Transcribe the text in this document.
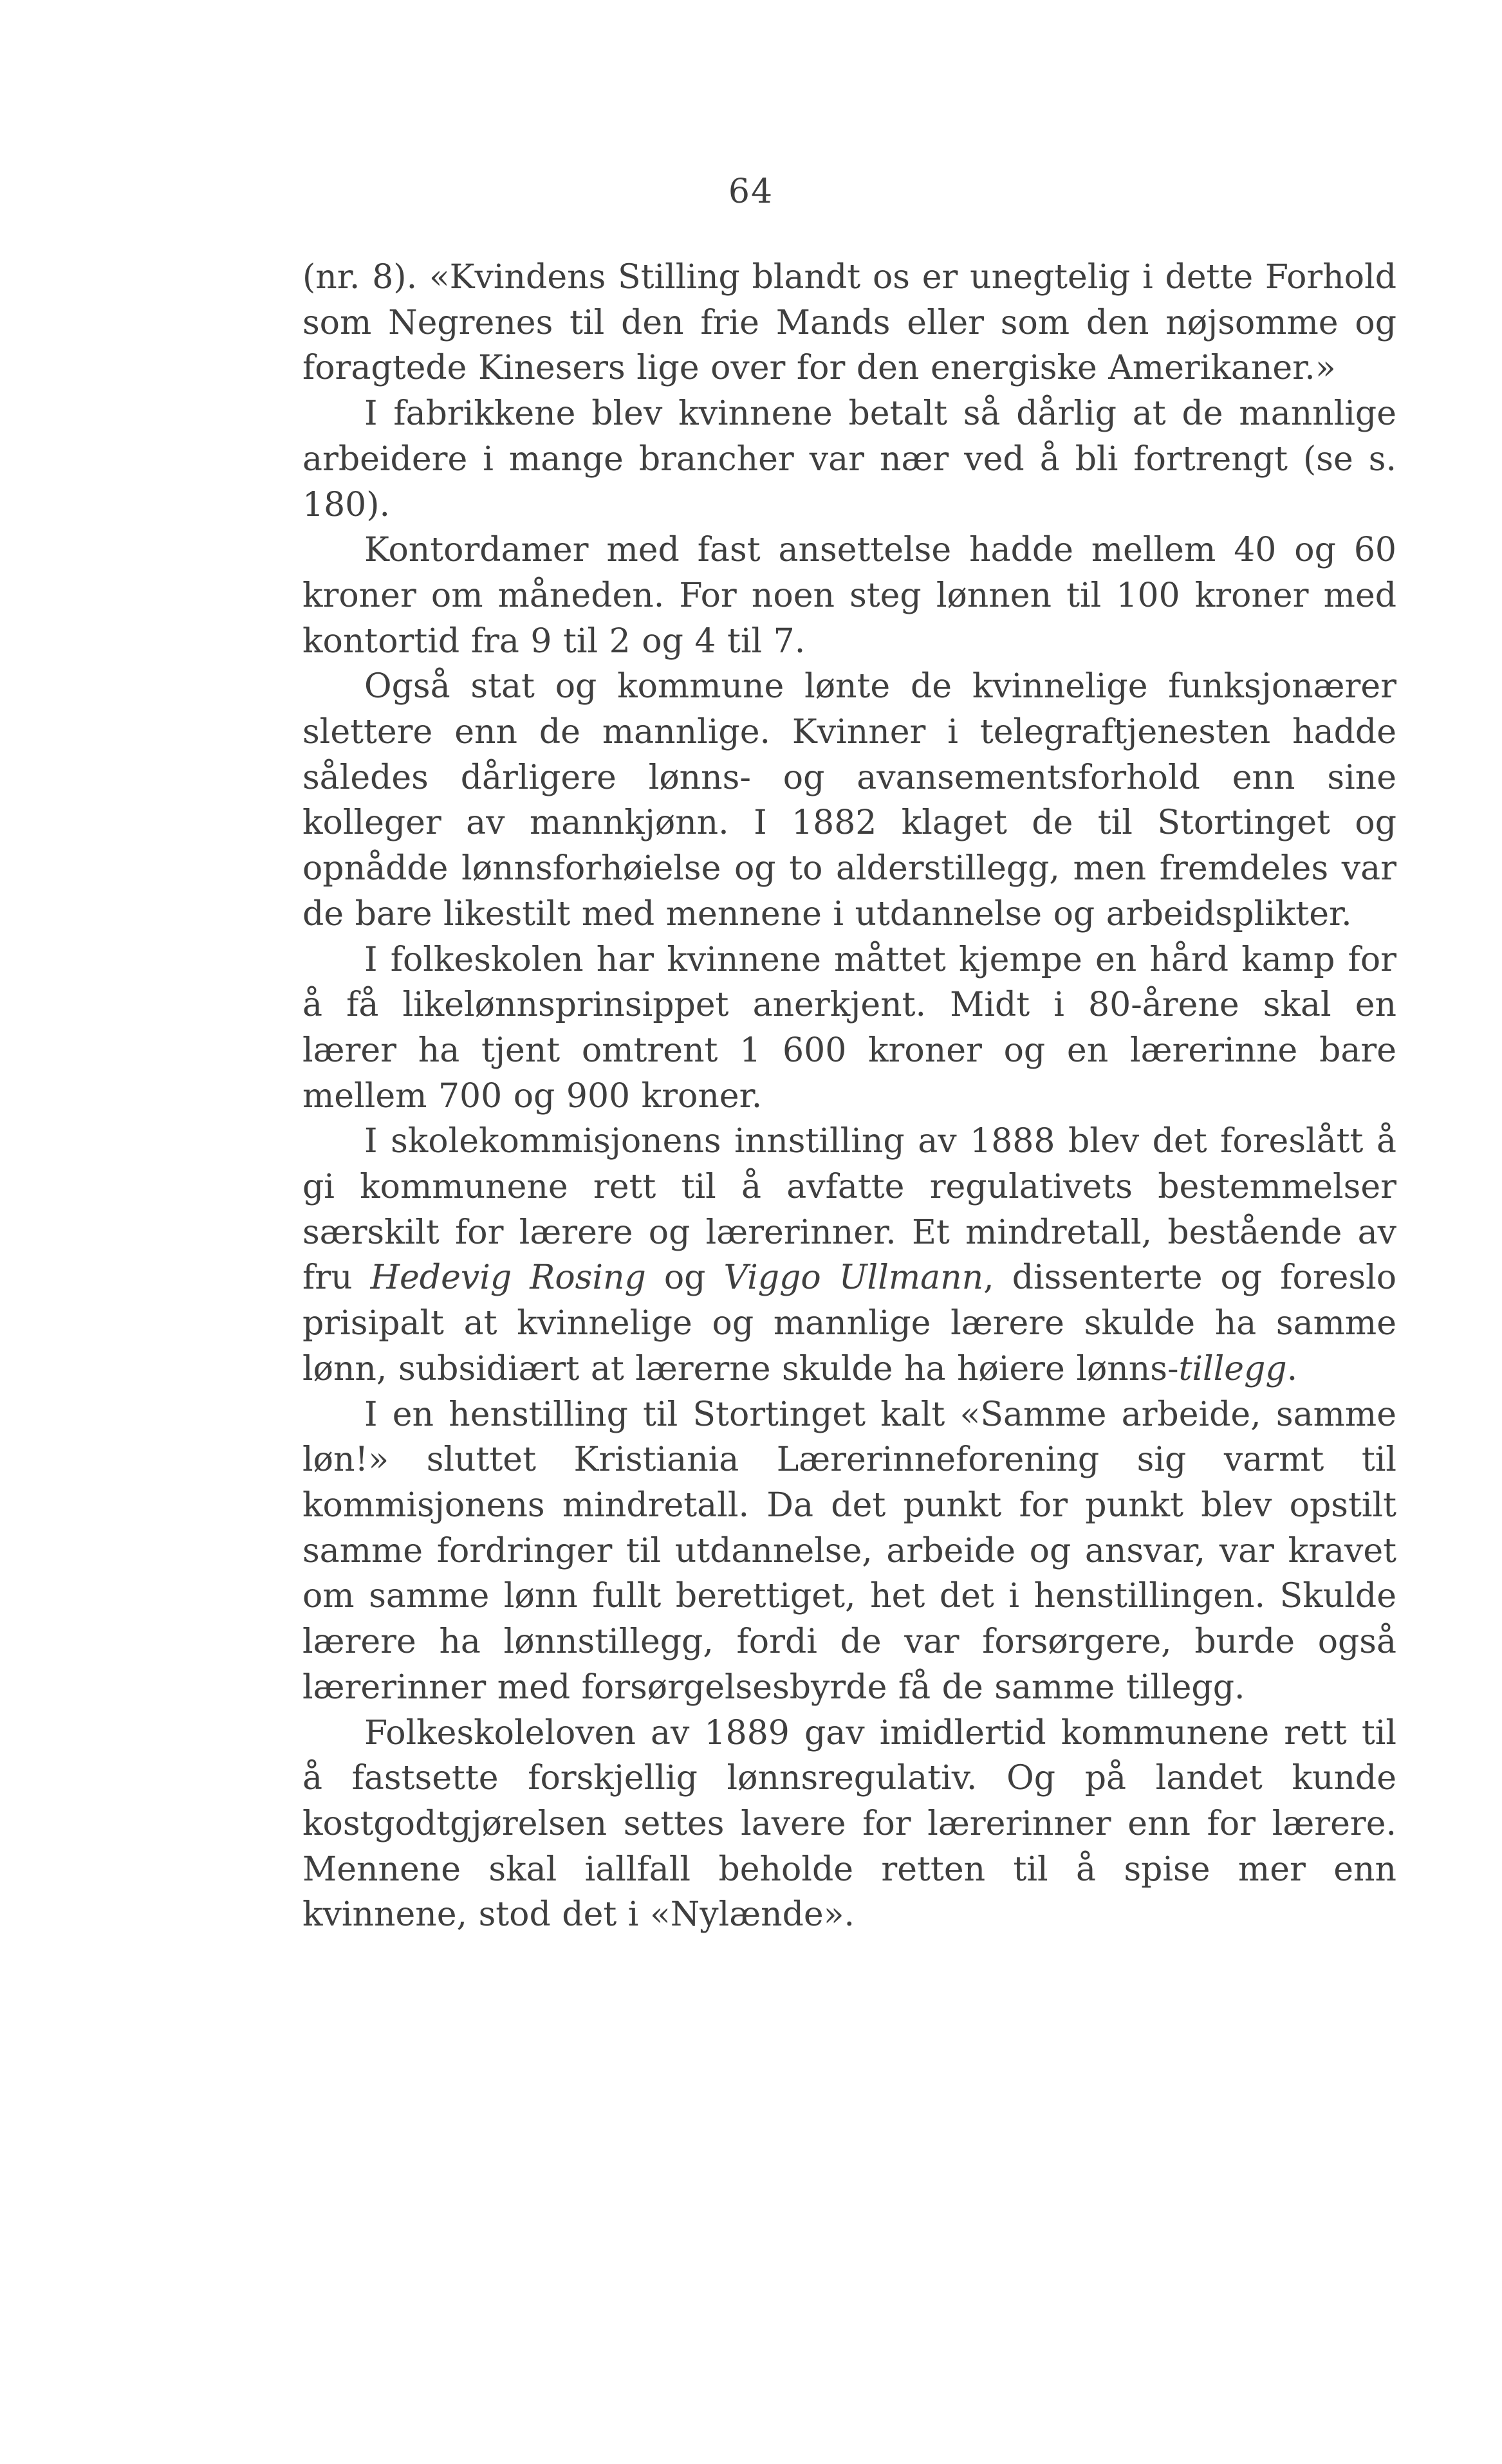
64

(nr. 8). «Kvindens Stilling blandt os er unegtelig i dette Forhold som Negrenes til den frie Mands eller som den nøjsomme og foragtede Kinesers lige over for den energiske Amerikaner.»

I fabrikkene blev kvinnene betalt så dårlig at de mannlige arbeidere i mange brancher var nær ved å bli fortrengt (se s. 180).

Kontordamer med fast ansettelse hadde mellem 40 og 60 kroner om måneden. For noen steg lønnen til 100 kroner med kontortid fra 9 til 2 og 4 til 7.

Også stat og kommune lønte de kvinnelige funksjonærer slettere enn de mannlige. Kvinner i telegraftjenesten hadde således dårligere lønns- og avansementsforhold enn sine kolleger av mannkjønn. I 1882 klaget de til Stortinget og opnådde lønnsforhøielse og to alderstillegg, men fremdeles var de bare likestilt med mennene i utdannelse og arbeidsplikter.

I folkeskolen har kvinnene måttet kjempe en hård kamp for å få likelønnsprinsippet anerkjent. Midt i 80-årene skal en lærer ha tjent omtrent 1 600 kroner og en lærerinne bare mellem 700 og 900 kroner.

I skolekommisjonens innstilling av 1888 blev det foreslått å gi kommunene rett til å avfatte regulativets bestemmelser særskilt for lærere og lærerinner. Et mindretall, bestående av fru Hedevig Rosing og Viggo Ullmann, dissenterte og foreslo prisipalt at kvinnelige og mannlige lærere skulde ha samme lønn, subsidiært at lærerne skulde ha høiere lønns-tillegg.

I en henstilling til Stortinget kalt «Samme arbeide, samme løn!» sluttet Kristiania Lærerinneforening sig varmt til kommisjonens mindretall. Da det punkt for punkt blev opstilt samme fordringer til utdannelse, arbeide og ansvar, var kravet om samme lønn fullt berettiget, het det i henstillingen. Skulde lærere ha lønnstillegg, fordi de var forsørgere, burde også lærerinner med forsørgelsesbyrde få de samme tillegg.

Folkeskoleloven av 1889 gav imidlertid kommunene rett til å fastsette forskjellig lønnsregulativ. Og på landet kunde kostgodtgjørelsen settes lavere for lærerinner enn for lærere. Mennene skal iallfall beholde retten til å spise mer enn kvinnene, stod det i «Nylænde».
